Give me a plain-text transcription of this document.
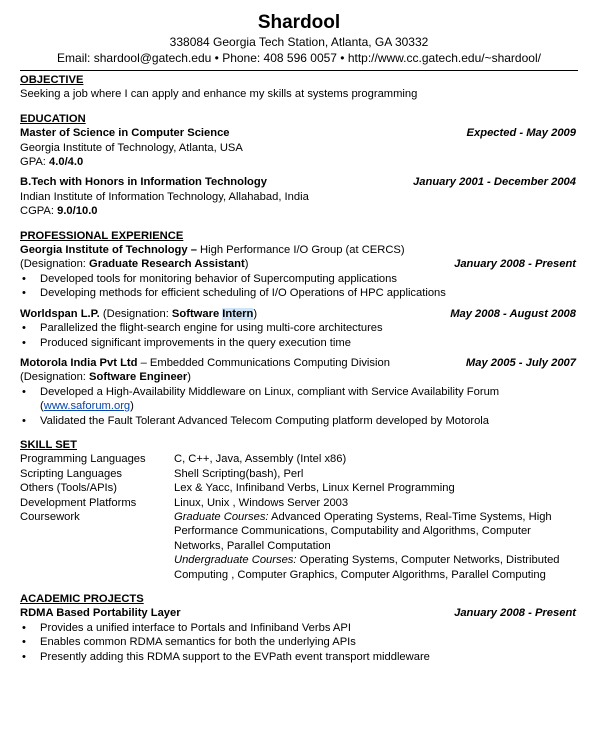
Shardool
338084 Georgia Tech Station, Atlanta, GA 30332
Email: shardool@gatech.edu • Phone: 408 596 0057 • http://www.cc.gatech.edu/~shardool/
OBJECTIVE
Seeking a job where I can apply and enhance my skills at systems programming
EDUCATION
Master of Science in Computer Science	Expected - May 2009
Georgia Institute of Technology, Atlanta, USA
GPA: 4.0/4.0
B.Tech with Honors in Information Technology	January 2001 - December 2004
Indian Institute of Information Technology, Allahabad, India
CGPA: 9.0/10.0
PROFESSIONAL EXPERIENCE
Georgia Institute of Technology – High Performance I/O Group (at CERCS)
(Designation: Graduate Research Assistant)	January 2008 - Present
• Developed tools for monitoring behavior of Supercomputing applications
• Developing methods for efficient scheduling of I/O Operations of HPC applications
Worldspan L.P. (Designation: Software Intern)	May 2008 - August 2008
• Parallelized the flight-search engine for using multi-core architectures
• Produced significant improvements in the query execution time
Motorola India Pvt Ltd – Embedded Communications Computing Division	May 2005 - July 2007
(Designation: Software Engineer)
• Developed a High-Availability Middleware on Linux, compliant with Service Availability Forum (www.saforum.org)
• Validated the Fault Tolerant Advanced Telecom Computing platform developed by Motorola
SKILL SET
Programming Languages	C, C++, Java, Assembly (Intel x86)
Scripting Languages	Shell Scripting(bash), Perl
Others (Tools/APIs)	Lex & Yacc, Infiniband Verbs, Linux Kernel Programming
Development Platforms	Linux, Unix , Windows Server 2003
Coursework	Graduate Courses: Advanced Operating Systems, Real-Time Systems, High Performance Communications, Computability and Algorithms, Computer Networks, Parallel Computation
Undergraduate Courses: Operating Systems, Computer Networks, Distributed Computing , Computer Graphics, Computer Algorithms, Parallel Computing
ACADEMIC PROJECTS
RDMA Based Portability Layer	January 2008 - Present
• Provides a unified interface to Portals and Infiniband Verbs API
• Enables common RDMA semantics for both the underlying APIs
• Presently adding this RDMA support to the EVPath event transport middleware
